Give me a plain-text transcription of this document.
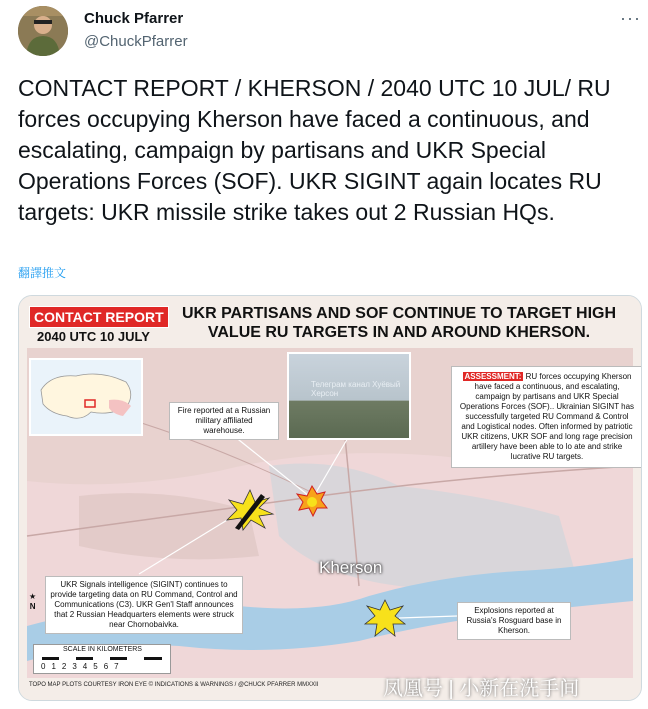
Chuck Pfarrer
@ChuckPfarrer
···
CONTACT REPORT / KHERSON / 2040 UTC 10 JUL/ RU forces occupying Kherson have faced a continuous, and escalating, campaign by partisans and UKR Special Operations Forces (SOF). UKR SIGINT again locates RU targets: UKR missile strike takes out 2 Russian HQs.
翻譯推文
CONTACT REPORT
2040 UTC 10 JULY
UKR PARTISANS AND SOF CONTINUE TO TARGET HIGH VALUE RU TARGETS IN AND AROUND KHERSON.
Телеграм канал Хуёвый Херсон
Fire reported at a Russian military affiliated warehouse.
ASSESSMENT: RU forces occupying Kherson have faced a continuous, and escalating, campaign by partisans and UKR Special Operations Forces (SOF).. Ukrainian SIGINT has successfully targeted RU Command & Control and Logistical nodes. Often informed by patriotic UKR citizens, UKR SOF and long rage precision artillery have been able to lo ate and strike lucrative RU targets.
Kherson
★
N
UKR Signals intelligence (SIGINT) continues to provide targeting data on RU Command, Control and Communications (C3). UKR Gen'l Staff announces that 2 Russian Headquarters elements were struck near Chornobaivka.
Explosions reported at Russia's Rosguard base in Kherson.
SCALE IN KILOMETERS
01234567
TOPO MAP PLOTS COURTESY IRON EYE © INDICATIONS & WARNINGS / @CHUCK PFARRER MMXXII	凤凰号 | 小新在洗手间
